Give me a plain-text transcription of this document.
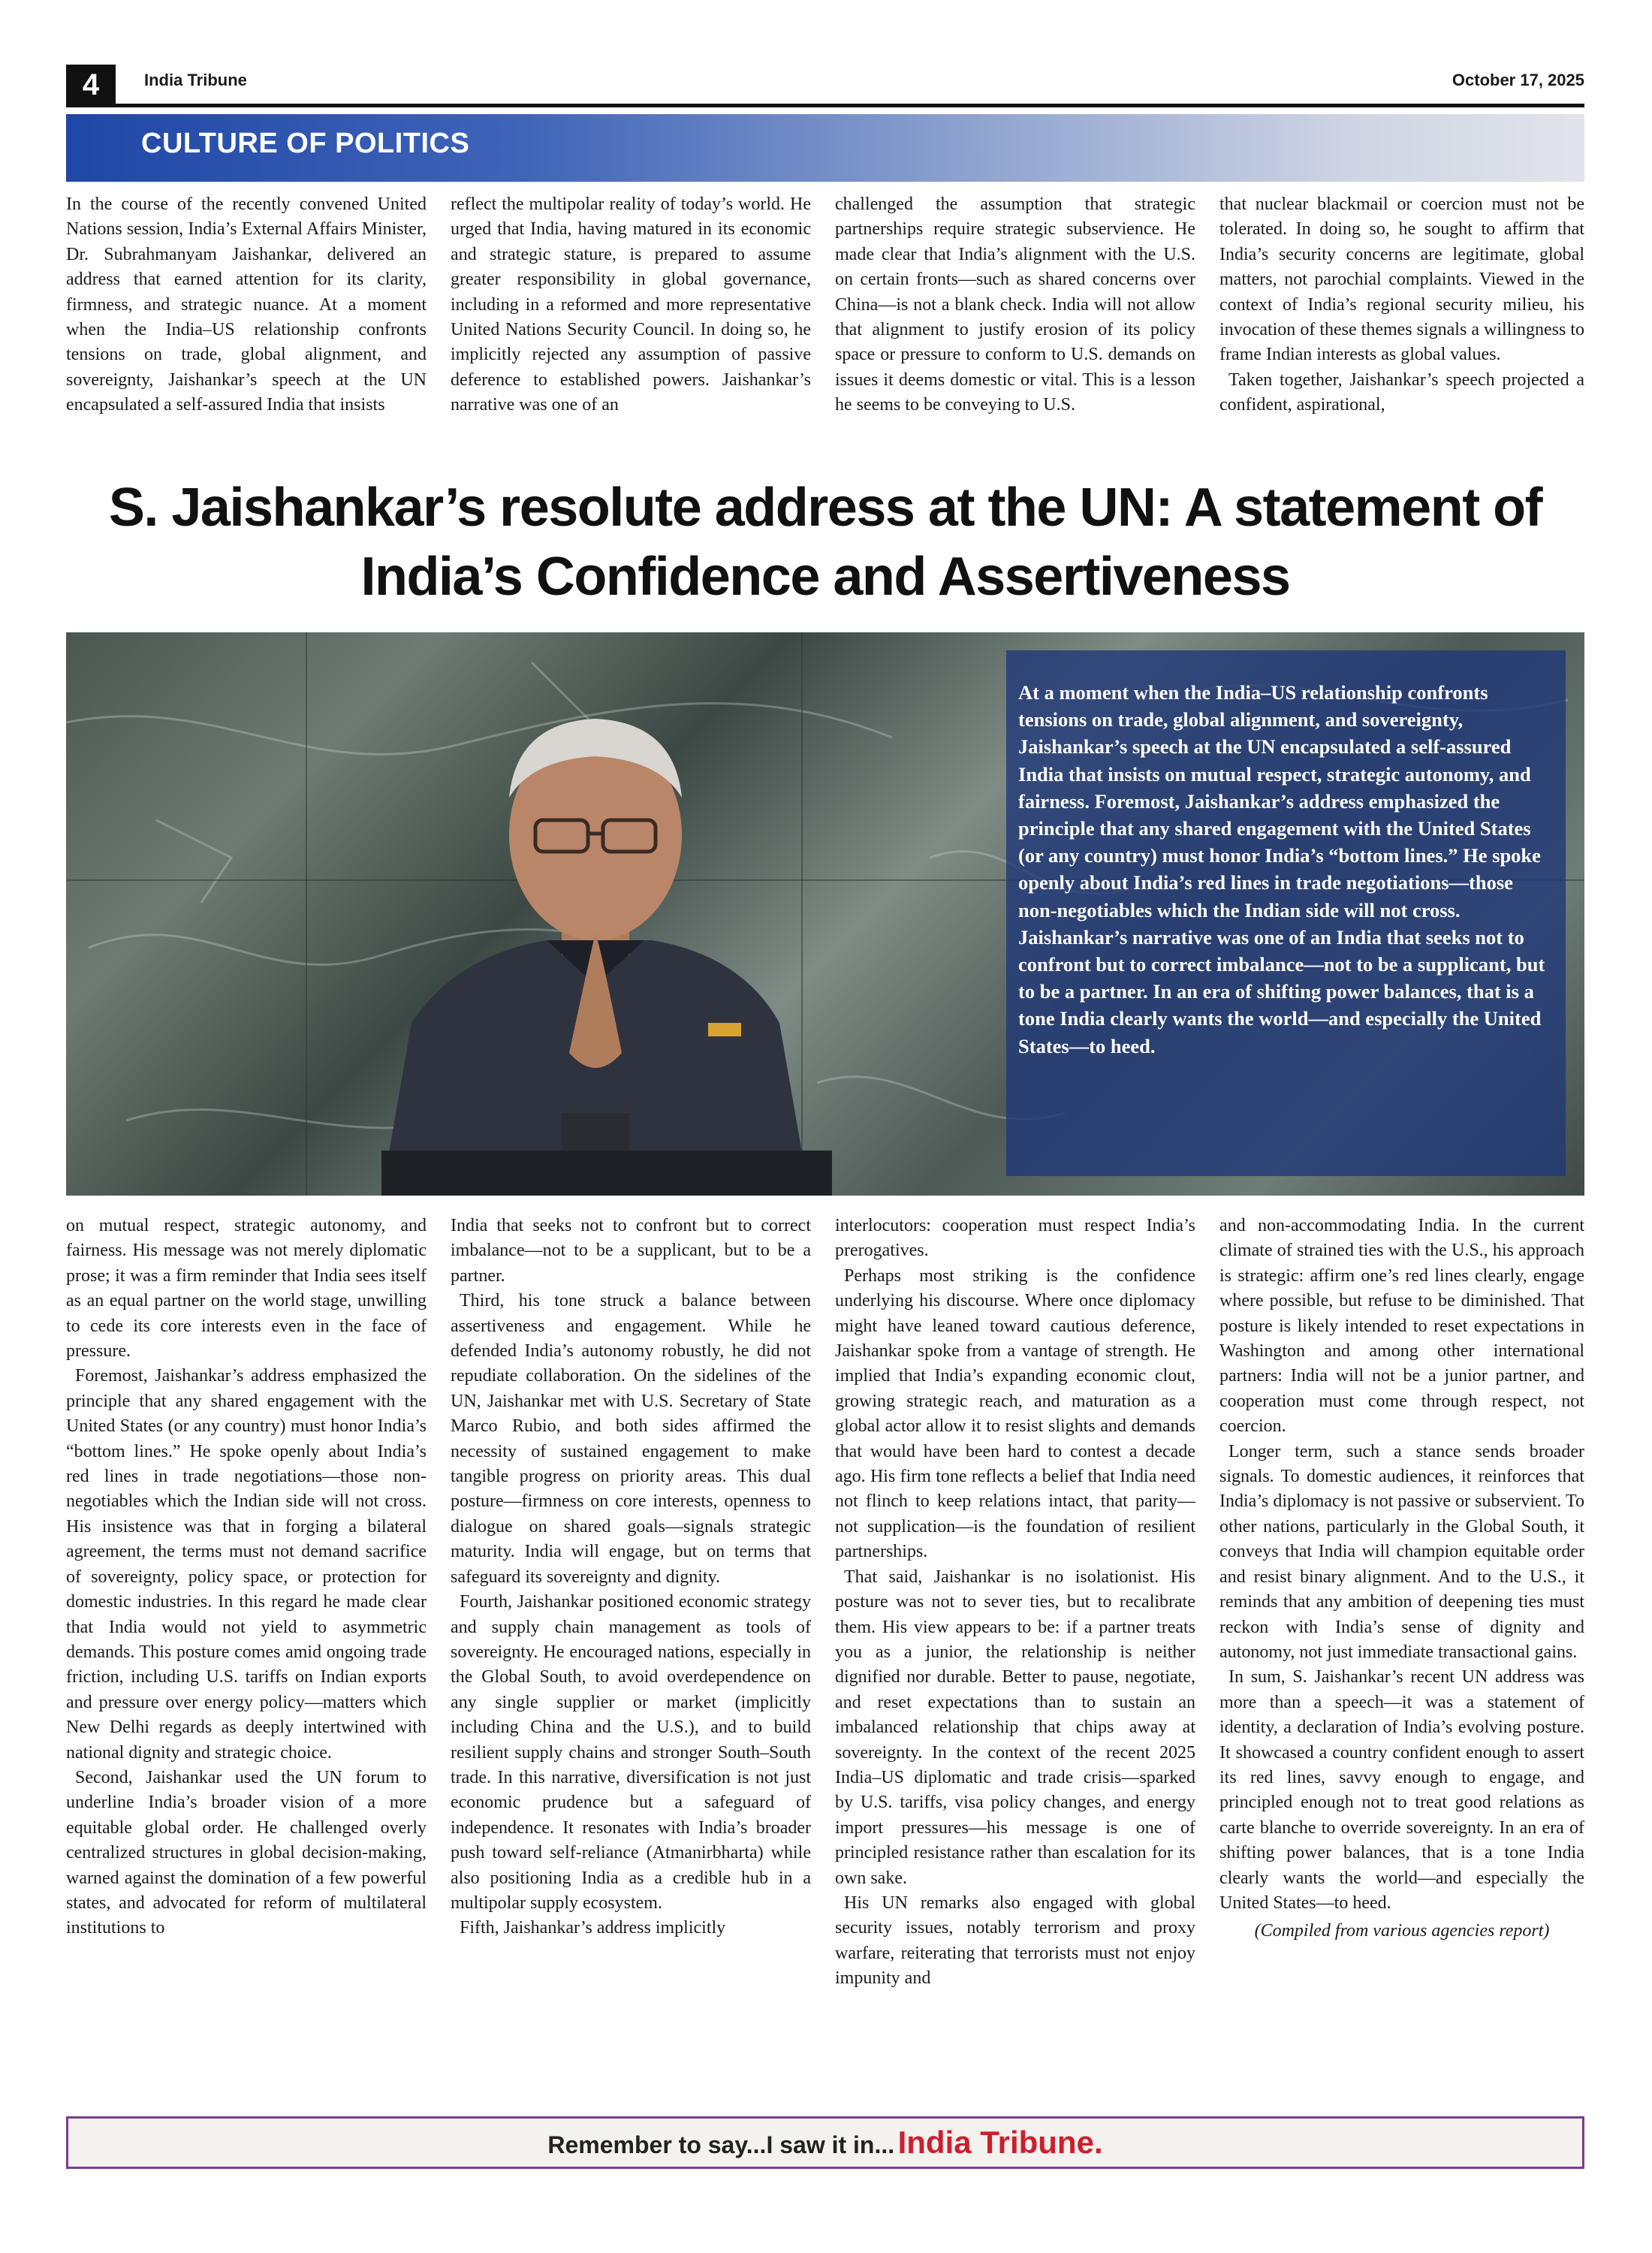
4	India Tribune	October 17, 2025
CULTURE OF POLITICS

In the course of the recently convened United Nations session, India’s External Affairs Minister, Dr. Subrahmanyam Jaishankar, delivered an address that earned attention for its clarity, firmness, and strategic nuance. At a moment when the India–US relationship confronts tensions on trade, global alignment, and sovereignty, Jaishankar’s speech at the UN encapsulated a self-assured India that insists

reflect the multipolar reality of today’s world. He urged that India, having matured in its economic and strategic stature, is prepared to assume greater responsibility in global governance, including in a reformed and more representative United Nations Security Council. In doing so, he implicitly rejected any assumption of passive deference to established powers. Jaishankar’s narrative was one of an

challenged the assumption that strategic partnerships require strategic subservience. He made clear that India’s alignment with the U.S. on certain fronts—such as shared concerns over China—is not a blank check. India will not allow that alignment to justify erosion of its policy space or pressure to conform to U.S. demands on issues it deems domestic or vital. This is a lesson he seems to be conveying to U.S.

that nuclear blackmail or coercion must not be tolerated. In doing so, he sought to affirm that India’s security concerns are legitimate, global matters, not parochial complaints. Viewed in the context of India’s regional security milieu, his invocation of these themes signals a willingness to frame Indian interests as global values.

Taken together, Jaishankar’s speech projected a confident, aspirational,

S. Jaishankar’s resolute address at the UN: A statement of
India’s Confidence and Assertiveness
At a moment when the India–US relationship confronts tensions on trade, global alignment, and sovereignty, Jaishankar’s speech at the UN encapsulated a self-assured India that insists on mutual respect, strategic autonomy, and fairness. Foremost, Jaishankar’s address emphasized the principle that any shared engagement with the United States (or any country) must honor India’s “bottom lines.” He spoke openly about India’s red lines in trade negotiations—those non-negotiables which the Indian side will not cross. Jaishankar’s narrative was one of an India that seeks not to confront but to correct imbalance—not to be a supplicant, but to be a partner. In an era of shifting power balances, that is a tone India clearly wants the world—and especially the United States—to heed.

on mutual respect, strategic autonomy, and fairness. His message was not merely diplomatic prose; it was a firm reminder that India sees itself as an equal partner on the world stage, unwilling to cede its core interests even in the face of pressure.

Foremost, Jaishankar’s address emphasized the principle that any shared engagement with the United States (or any country) must honor India’s “bottom lines.” He spoke openly about India’s red lines in trade negotiations—those non-negotiables which the Indian side will not cross. His insistence was that in forging a bilateral agreement, the terms must not demand sacrifice of sovereignty, policy space, or protection for domestic industries. In this regard he made clear that India would not yield to asymmetric demands. This posture comes amid ongoing trade friction, including U.S. tariffs on Indian exports and pressure over energy policy—matters which New Delhi regards as deeply intertwined with national dignity and strategic choice.

Second, Jaishankar used the UN forum to underline India’s broader vision of a more equitable global order. He challenged overly centralized structures in global decision-making, warned against the domination of a few powerful states, and advocated for reform of multilateral institutions to

India that seeks not to confront but to correct imbalance—not to be a supplicant, but to be a partner.

Third, his tone struck a balance between assertiveness and engagement. While he defended India’s autonomy robustly, he did not repudiate collaboration. On the sidelines of the UN, Jaishankar met with U.S. Secretary of State Marco Rubio, and both sides affirmed the necessity of sustained engagement to make tangible progress on priority areas. This dual posture—firmness on core interests, openness to dialogue on shared goals—signals strategic maturity. India will engage, but on terms that safeguard its sovereignty and dignity.

Fourth, Jaishankar positioned economic strategy and supply chain management as tools of sovereignty. He encouraged nations, especially in the Global South, to avoid overdependence on any single supplier or market (implicitly including China and the U.S.), and to build resilient supply chains and stronger South–South trade. In this narrative, diversification is not just economic prudence but a safeguard of independence. It resonates with India’s broader push toward self-reliance (Atmanirbharta) while also positioning India as a credible hub in a multipolar supply ecosystem.

Fifth, Jaishankar’s address implicitly

interlocutors: cooperation must respect India’s prerogatives.

Perhaps most striking is the confidence underlying his discourse. Where once diplomacy might have leaned toward cautious deference, Jaishankar spoke from a vantage of strength. He implied that India’s expanding economic clout, growing strategic reach, and maturation as a global actor allow it to resist slights and demands that would have been hard to contest a decade ago. His firm tone reflects a belief that India need not flinch to keep relations intact, that parity—not supplication—is the foundation of resilient partnerships.

That said, Jaishankar is no isolationist. His posture was not to sever ties, but to recalibrate them. His view appears to be: if a partner treats you as a junior, the relationship is neither dignified nor durable. Better to pause, negotiate, and reset expectations than to sustain an imbalanced relationship that chips away at sovereignty. In the context of the recent 2025 India–US diplomatic and trade crisis—sparked by U.S. tariffs, visa policy changes, and energy import pressures—his message is one of principled resistance rather than escalation for its own sake.

His UN remarks also engaged with global security issues, notably terrorism and proxy warfare, reiterating that terrorists must not enjoy impunity and

and non-accommodating India. In the current climate of strained ties with the U.S., his approach is strategic: affirm one’s red lines clearly, engage where possible, but refuse to be diminished. That posture is likely intended to reset expectations in Washington and among other international partners: India will not be a junior partner, and cooperation must come through respect, not coercion.

Longer term, such a stance sends broader signals. To domestic audiences, it reinforces that India’s diplomacy is not passive or subservient. To other nations, particularly in the Global South, it conveys that India will champion equitable order and resist binary alignment. And to the U.S., it reminds that any ambition of deepening ties must reckon with India’s sense of dignity and autonomy, not just immediate transactional gains.

In sum, S. Jaishankar’s recent UN address was more than a speech—it was a statement of identity, a declaration of India’s evolving posture. It showcased a country confident enough to assert its red lines, savvy enough to engage, and principled enough not to treat good relations as carte blanche to override sovereignty. In an era of shifting power balances, that is a tone India clearly wants the world—and especially the United States—to heed.

(Compiled from various agencies report)

Remember to say...I saw it in... India Tribune.
